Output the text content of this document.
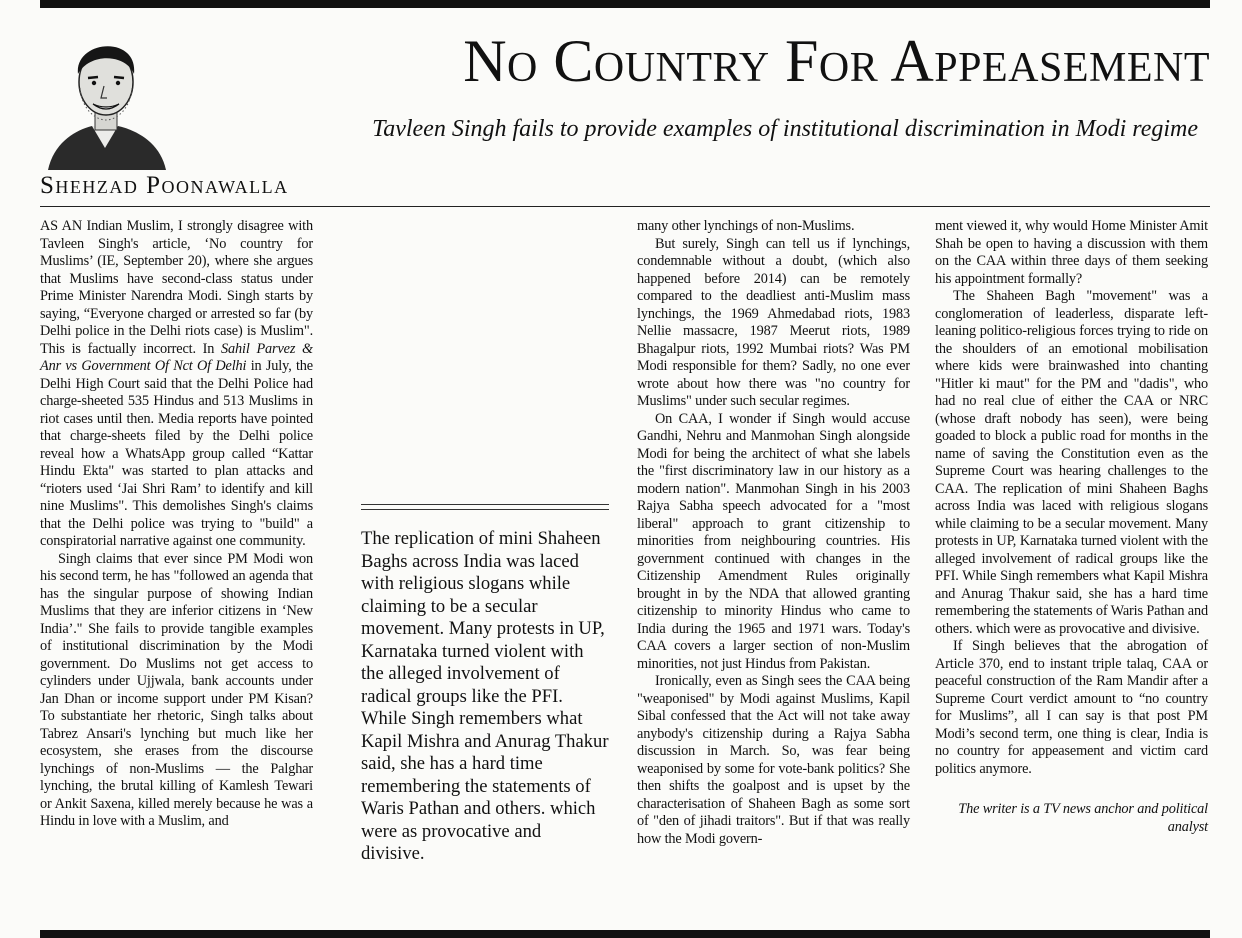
No Country For Appeasement
Tavleen Singh fails to provide examples of institutional discrimination in Modi regime
Shehzad Poonawalla

AS AN Indian Muslim, I strongly disagree with Tavleen Singh's article, ‘No country for Muslims’ (IE, September 20), where she argues that Muslims have second-class status under Prime Minister Narendra Modi. Singh starts by saying, “Everyone charged or arrested so far (by Delhi police in the Delhi riots case) is Muslim". This is factually incorrect. In Sahil Parvez & Anr vs Government Of Nct Of Delhi in July, the Delhi High Court said that the Delhi Police had charge-sheeted 535 Hindus and 513 Muslims in riot cases until then. Media reports have pointed that charge-sheets filed by the Delhi police reveal how a WhatsApp group called “Kattar Hindu Ekta" was started to plan attacks and “rioters used ‘Jai Shri Ram’ to identify and kill nine Muslims". This demolishes Singh's claims that the Delhi police was trying to "build" a conspiratorial narrative against one community.

Singh claims that ever since PM Modi won his second term, he has "followed an agenda that has the singular purpose of showing Indian Muslims that they are inferior citizens in ‘New India’." She fails to provide tangible examples of institutional discrimination by the Modi government. Do Muslims not get access to cylinders under Ujjwala, bank accounts under Jan Dhan or income support under PM Kisan? To substantiate her rhetoric, Singh talks about Tabrez Ansari's lynching but much like her ecosystem, she erases from the discourse lynchings of non-Muslims — the Palghar lynching, the brutal killing of Kamlesh Tewari or Ankit Saxena, killed merely because he was a Hindu in love with a Muslim, and

The replication of mini Shaheen Baghs across India was laced with religious slogans while claiming to be a secular movement. Many protests in UP, Karnataka turned violent with the alleged involvement of radical groups like the PFI. While Singh remembers what Kapil Mishra and Anurag Thakur said, she has a hard time remembering the statements of Waris Pathan and others. which were as provocative and divisive.

many other lynchings of non-Muslims.

But surely, Singh can tell us if lynchings, condemnable without a doubt, (which also happened before 2014) can be remotely compared to the deadliest anti-Muslim mass lynchings, the 1969 Ahmedabad riots, 1983 Nellie massacre, 1987 Meerut riots, 1989 Bhagalpur riots, 1992 Mumbai riots? Was PM Modi responsible for them? Sadly, no one ever wrote about how there was "no country for Muslims" under such secular regimes.

On CAA, I wonder if Singh would accuse Gandhi, Nehru and Manmohan Singh alongside Modi for being the architect of what she labels the "first discriminatory law in our history as a modern nation". Manmohan Singh in his 2003 Rajya Sabha speech advocated for a "most liberal" approach to grant citizenship to minorities from neighbouring countries. His government continued with changes in the Citizenship Amendment Rules originally brought in by the NDA that allowed granting citizenship to minority Hindus who came to India during the 1965 and 1971 wars. Today's CAA covers a larger section of non-Muslim minorities, not just Hindus from Pakistan.

Ironically, even as Singh sees the CAA being "weaponised" by Modi against Muslims, Kapil Sibal confessed that the Act will not take away anybody's citizenship during a Rajya Sabha discussion in March. So, was fear being weaponised by some for vote-bank politics? She then shifts the goalpost and is upset by the characterisation of Shaheen Bagh as some sort of "den of jihadi traitors". But if that was really how the Modi govern-

ment viewed it, why would Home Minister Amit Shah be open to having a discussion with them on the CAA within three days of them seeking his appointment formally?

The Shaheen Bagh "movement" was a conglomeration of leaderless, disparate left-leaning politico-religious forces trying to ride on the shoulders of an emotional mobilisation where kids were brainwashed into chanting "Hitler ki maut" for the PM and "dadis", who had no real clue of either the CAA or NRC (whose draft nobody has seen), were being goaded to block a public road for months in the name of saving the Constitution even as the Supreme Court was hearing challenges to the CAA. The replication of mini Shaheen Baghs across India was laced with religious slogans while claiming to be a secular movement. Many protests in UP, Karnataka turned violent with the alleged involvement of radical groups like the PFI. While Singh remembers what Kapil Mishra and Anurag Thakur said, she has a hard time remembering the statements of Waris Pathan and others. which were as provocative and divisive.

If Singh believes that the abrogation of Article 370, end to instant triple talaq, CAA or peaceful construction of the Ram Mandir after a Supreme Court verdict amount to “no country for Muslims”, all I can say is that post PM Modi’s second term, one thing is clear, India is no country for appeasement and victim card politics anymore.

The writer is a TV news anchor and political analyst
